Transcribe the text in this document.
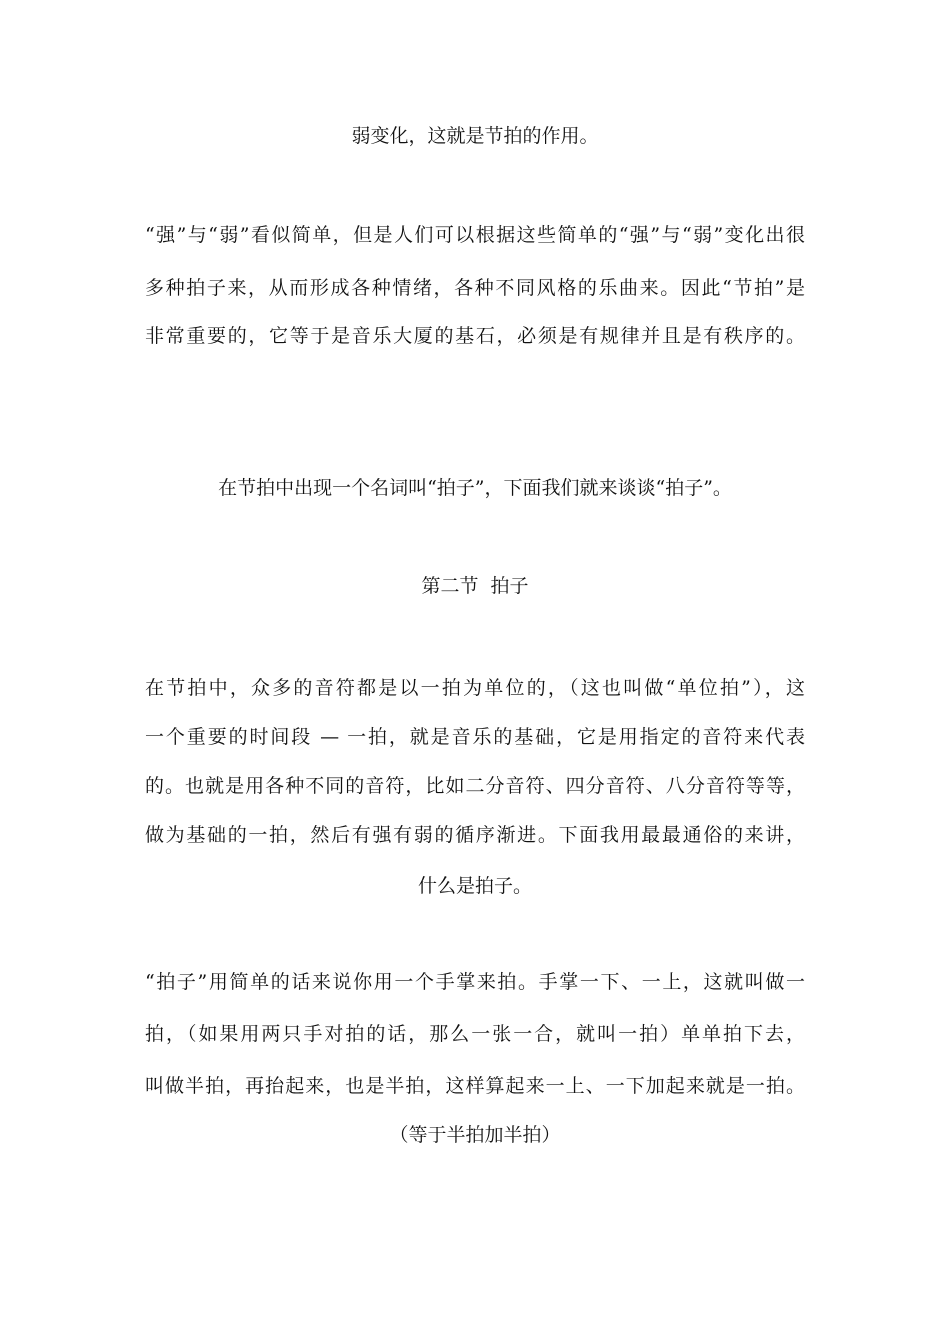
弱变化，这就是节拍的作用。

“强”与“弱”看似简单，但是人们可以根据这些简单的“强”与“弱”变化出很

多种拍子来，从而形成各种情绪，各种不同风格的乐曲来。因此“节拍”是

非常重要的，它等于是音乐大厦的基石，必须是有规律并且是有秩序的。

在节拍中出现一个名词叫“拍子”，下面我们就来谈谈“拍子”。

第二节  拍子

在节拍中，众多的音符都是以一拍为单位的，（这也叫做“单位拍”），这

一个重要的时间段 — 一拍，就是音乐的基础，它是用指定的音符来代表

的。也就是用各种不同的音符，比如二分音符、四分音符、八分音符等等，

做为基础的一拍，然后有强有弱的循序渐进。下面我用最最通俗的来讲，

什么是拍子。

“拍子”用简单的话来说你用一个手掌来拍。手掌一下、一上，这就叫做一

拍，（如果用两只手对拍的话，那么一张一合，就叫一拍）单单拍下去，

叫做半拍，再抬起来，也是半拍，这样算起来一上、一下加起来就是一拍。

（等于半拍加半拍）
